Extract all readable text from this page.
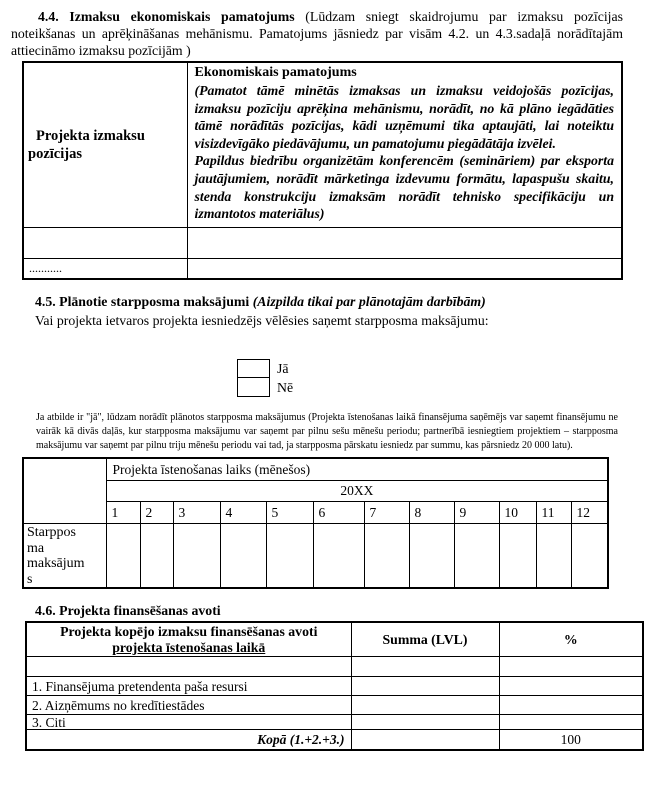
4.4. Izmaksu ekonomiskais pamatojums (Lūdzam sniegt skaidrojumu par izmaksu pozīcijas noteikšanas un aprēķināšanas mehānismu. Pamatojums jāsniedz par visām 4.2. un 4.3.sadaļā norādītajām attiecināmo izmaksu pozīcijām )

Projekta izmaksu pozīcijas	Ekonomiskais pamatojums

(Pamatot tāmē minētās izmaksas un izmaksu veidojošās pozīcijas, izmaksu pozīciju aprēķina mehānismu, norādīt, no kā plāno iegādāties tāmē norādītās pozīcijas, kādi uzņēmumi tika aptaujāti, lai noteiktu visizdevīgāko piedāvājumu, un pamatojumu piegādātāja izvēlei.

Papildus biedrību organizētām konferencēm (semināriem) par eksporta jautājumiem, norādīt mārketinga izdevumu formātu, lapaspušu skaitu, stenda konstrukciju izmaksām norādīt tehnisko specifikāciju un izmantotos materiālus)

...........	

4.5. Plānotie starpposma maksājumi (Aizpilda tikai par plānotajām darbībām)

Vai projekta ietvaros projekta iesniedzējs vēlēsies saņemt starpposma maksājumu:

Jā
Nē

Ja atbilde ir "jā", lūdzam norādīt plānotos starpposma maksājumus (Projekta īstenošanas laikā finansējuma saņēmējs var saņemt finansējumu ne vairāk kā divās daļās, kur starpposma maksājumu var saņemt par pilnu sešu mēnešu periodu; partnerībā iesniegtiem projektiem – starpposma maksājumu var saņemt par pilnu triju mēnešu periodu vai tad, ja starpposma pārskatu iesniedz par summu, kas pārsniedz 20 000 latu).

	Projekta īstenošanas laiks (mēnešos)											
	20XX											
	1	2	3	4	5	6	7	8	9	10	11	12

Starpposma maksājums												

4.6. Projekta finansēšanas avoti

Projekta kopējo izmaksu finansēšanas avoti
projekta īstenošanas laikā	Summa (LVL)	%

1. Finansējuma pretendenta paša resursi		
2. Aizņēmums no kredītiestādes		
3. Citi		
Kopā (1.+2.+3.)		100
